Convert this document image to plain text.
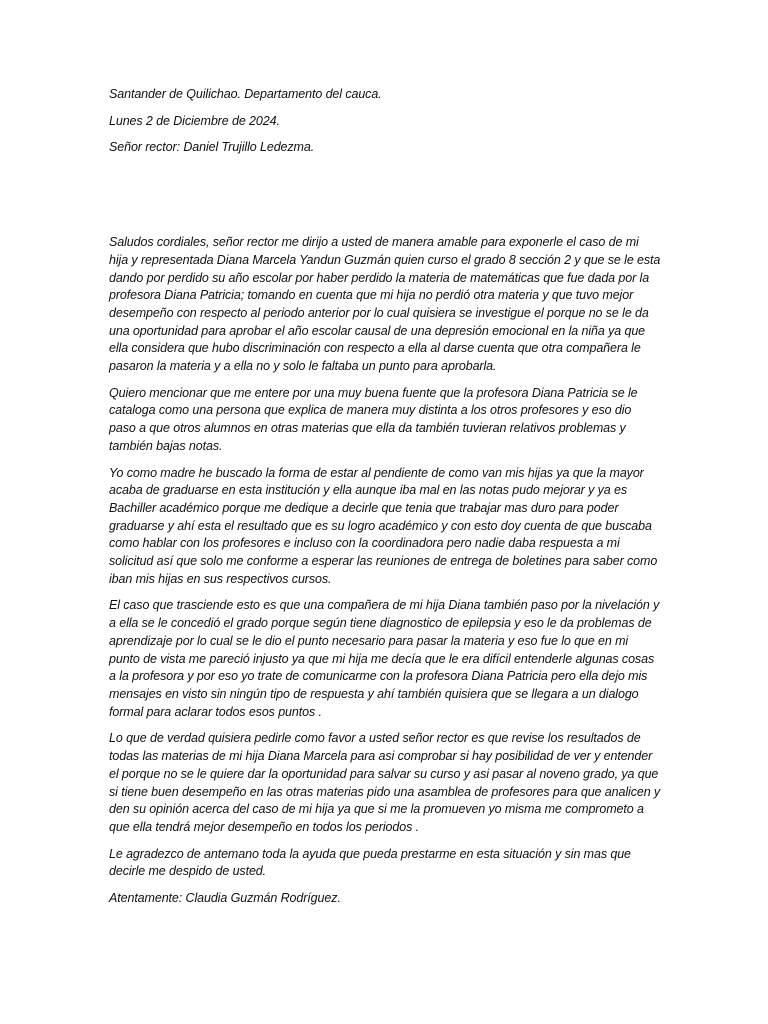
Santander de Quilichao. Departamento del cauca.

Lunes 2 de Diciembre de 2024.

Señor rector: Daniel Trujillo Ledezma.

Saludos cordiales, señor rector me dirijo a usted de manera amable para exponerle el caso de mi hija y representada Diana Marcela Yandun Guzmán quien curso el grado 8 sección 2 y que se le esta dando por perdido su año escolar por haber perdido la materia de matemáticas que fue dada por la profesora Diana Patricia; tomando en cuenta que mi hija no perdió otra materia y que tuvo mejor desempeño con respecto al periodo anterior por lo cual quisiera se investigue el porque no se le da una oportunidad para aprobar el año escolar causal de una depresión emocional en la niña ya que ella considera que hubo discriminación con respecto a ella al darse cuenta que otra compañera le pasaron la materia y a ella no y solo le faltaba un punto para aprobarla.

Quiero mencionar que me entere por una muy buena fuente que la profesora Diana Patricia se le cataloga como una persona que explica de manera muy distinta a los otros profesores y eso dio paso a que otros alumnos en otras materias que ella da también tuvieran relativos problemas y también bajas notas.

Yo como madre he buscado la forma de estar al pendiente de como van mis hijas ya que la mayor acaba de graduarse en esta institución y ella aunque iba mal en las notas pudo mejorar y ya es Bachiller académico porque me dedique a decirle que tenia que trabajar mas duro para poder graduarse y ahí esta el resultado que es su logro académico y con esto doy cuenta de que buscaba como hablar con los profesores e incluso con la coordinadora pero nadie daba respuesta a mi solicitud así que solo me conforme a esperar las reuniones de entrega de boletines para saber como iban mis hijas en sus respectivos cursos.

El caso que trasciende esto es que una compañera de mi hija Diana también paso por la nivelación y a ella se le concedió el grado porque según tiene diagnostico de epilepsia y eso le da problemas de aprendizaje por lo cual se le dio el punto necesario para pasar la materia y eso fue lo que en mi punto de vista me pareció injusto ya que mi hija me decía que le era difícil entenderle algunas cosas a la profesora y por eso yo trate de comunicarme con la profesora Diana Patricia pero ella dejo mis mensajes en visto sin ningún tipo de respuesta y ahí también quisiera que se llegara a un dialogo formal para aclarar todos esos puntos .

Lo que de verdad quisiera pedirle como favor a usted señor rector es que revise los resultados de todas las materias de mi hija Diana Marcela para asi comprobar si hay posibilidad de ver y entender el porque no se le quiere dar la oportunidad para salvar su curso y asi pasar al noveno grado, ya que si tiene buen desempeño en las otras materias pido una asamblea de profesores para que analicen y den su opinión acerca del caso de mi hija ya que si me la promueven yo misma me comprometo a que ella tendrá mejor desempeño en todos los periodos .

Le agradezco de antemano toda la ayuda que pueda prestarme en esta situación y sin mas que decirle me despido de usted.

Atentamente: Claudia Guzmán Rodríguez.
